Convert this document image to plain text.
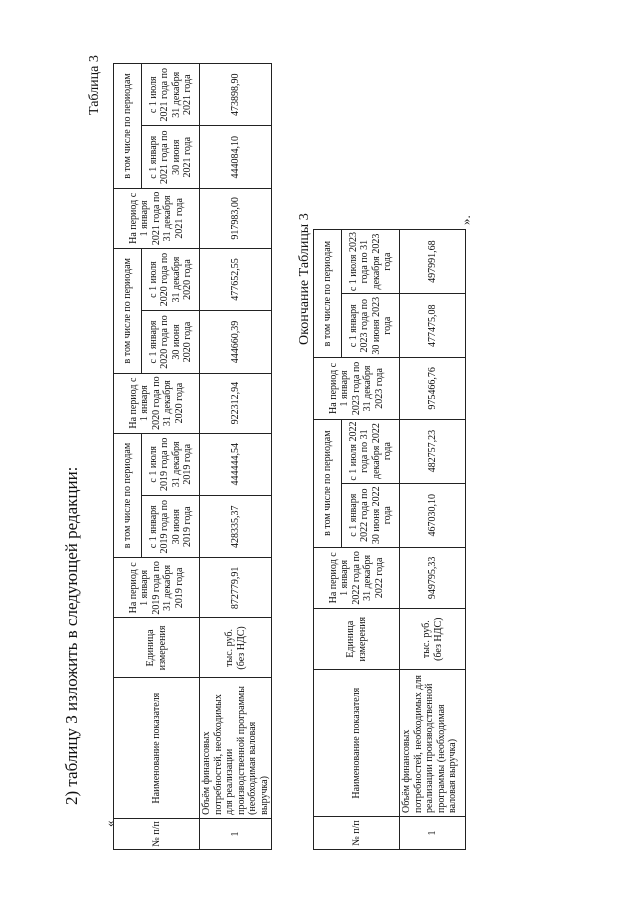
2) таблицу 3 изложить в следующей редакции:
«
Таблица 3
№ п/п	Наименование показателя	Единица измерения	На период с 1 января 2019 года по 31 декабря 2019 года	в том числе по периодам		На период с 1 января 2020 года по 31 декабря 2020 года	в том числе по периодам		На период с 1 января 2021 года по 31 декабря 2021 года	в том числе по периодам	
				с 1 января 2019 года по 30 июня 2019 года	с 1 июля 2019 года по 31 декабря 2019 года		с 1 января 2020 года по 30 июня 2020 года	с 1 июля 2020 года по 31 декабря 2020 года		с 1 января 2021 года по 30 июня 2021 года	с 1 июля 2021 года по 31 декабря 2021 года
1	Объём финансовых потребностей, необходимых для реализации производственной программы (необходимая валовая выручка)	тыс. руб. (без НДС)	872779,91	428335,37	444444,54	922312,94	444660,39	477652,55	917983,00	444084,10	473898,90
Окончание Таблицы 3
№ п/п	Наименование показателя	Единица измерения	На период с 1 января 2022 года по 31 декабря 2022 года	в том числе по периодам		На период с 1 января 2023 года по 31 декабря 2023 года	в том числе по периодам	
				с 1 января 2022 года по 30 июня 2022 года	с 1 июля 2022 года по 31 декабря 2022 года		с 1 января 2023 года по 30 июня 2023 года	с 1 июля 2023 года по 31 декабря 2023 года
1	Объём финансовых потребностей, необходимых для реализации производственной программы (необходимая валовая выручка)	тыс. руб. (без НДС)	949795,33	467030,10	482757,23	975466,76	477475,08	497991,68
».
